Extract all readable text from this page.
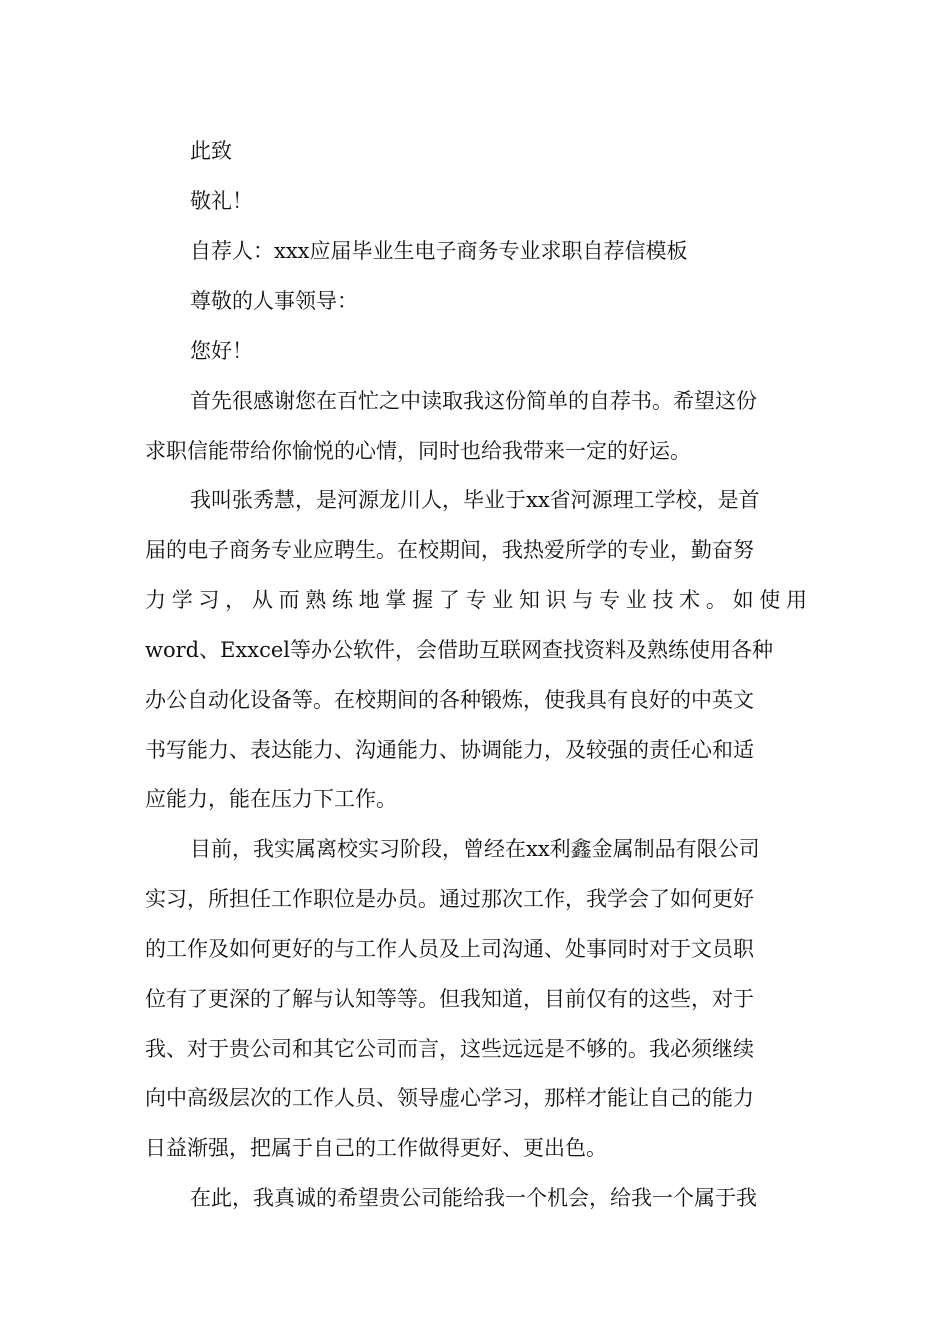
此致
敬礼！
自荐人：xxx应届毕业生电子商务专业求职自荐信模板
尊敬的人事领导：
您好！
首先很感谢您在百忙之中读取我这份简单的自荐书。希望这份
求职信能带给你愉悦的心情，同时也给我带来一定的好运。
我叫张秀慧，是河源龙川人，毕业于xx省河源理工学校，是首
届的电子商务专业应聘生。在校期间，我热爱所学的专业，勤奋努
力学习，从而熟练地掌握了专业知识与专业技术。如使用
word、Exxcel等办公软件，会借助互联网查找资料及熟练使用各种
办公自动化设备等。在校期间的各种锻炼，使我具有良好的中英文
书写能力、表达能力、沟通能力、协调能力，及较强的责任心和适
应能力，能在压力下工作。
目前，我实属离校实习阶段，曾经在xx利鑫金属制品有限公司
实习，所担任工作职位是办员。通过那次工作，我学会了如何更好
的工作及如何更好的与工作人员及上司沟通、处事同时对于文员职
位有了更深的了解与认知等等。但我知道，目前仅有的这些，对于
我、对于贵公司和其它公司而言，这些远远是不够的。我必须继续
向中高级层次的工作人员、领导虚心学习，那样才能让自己的能力
日益渐强，把属于自己的工作做得更好、更出色。
在此，我真诚的希望贵公司能给我一个机会，给我一个属于我
